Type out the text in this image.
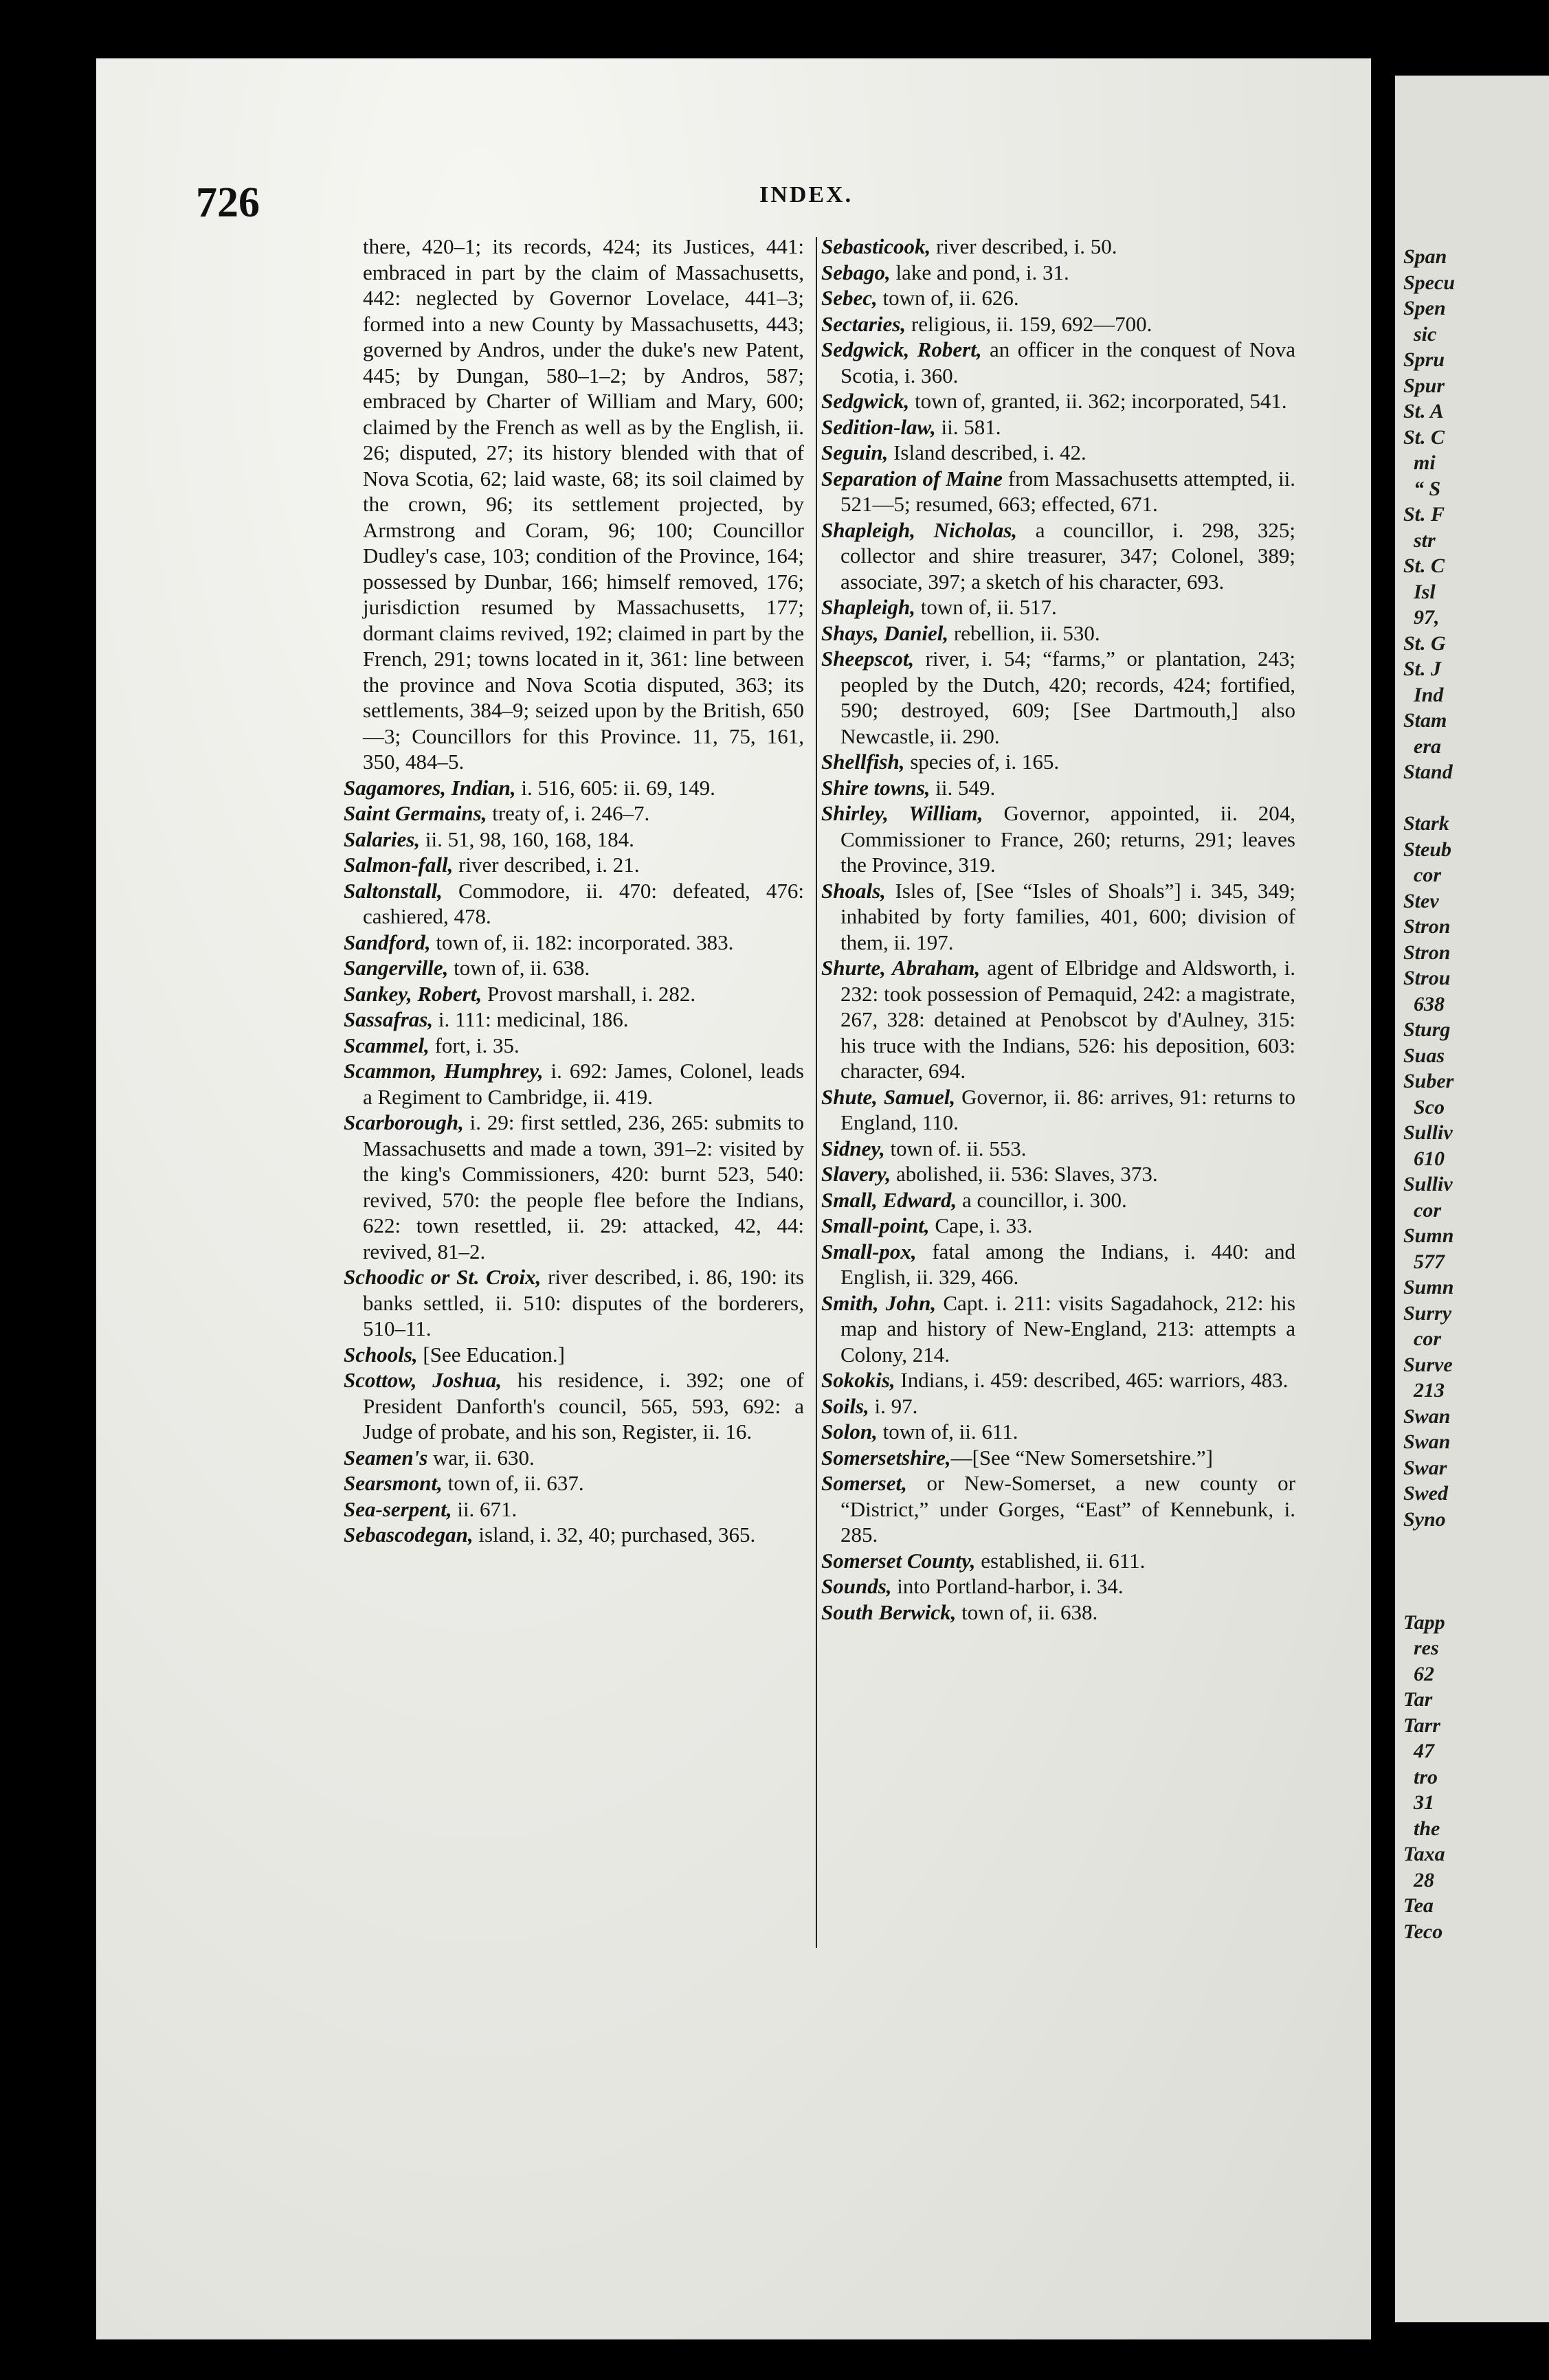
Span
Specu
Spen
sic
Spru
Spur
St. A
St. C
mi
“ S
St. F
str
St. C
Isl
97,
St. G
St. J
Ind
Stam
era
Stand

Stark
Steub
cor
Stev
Stron
Stron
Strou
638
Sturg
Suas
Suber
Sco
Sulliv
610
Sulliv
cor
Sumn
577
Sumn
Surry
cor
Surve
213
Swan
Swan
Swar
Swed
Syno

Tapp
res
62
Tar
Tarr
47
tro
31
the
Taxa
28
Tea
Teco
726	INDEX.

there, 420–1; its records, 424; its Justices, 441: embraced in part by the claim of Massachusetts, 442: neglected by Governor Lovelace, 441–3; formed into a new County by Massachusetts, 443; governed by Andros, under the duke's new Patent, 445; by Dungan, 580–1–2; by Andros, 587; embraced by Charter of William and Mary, 600; claimed by the French as well as by the English, ii. 26; disputed, 27; its history blended with that of Nova Scotia, 62; laid waste, 68; its soil claimed by the crown, 96; its settlement projected, by Armstrong and Coram, 96; 100; Councillor Dudley's case, 103; condition of the Province, 164; possessed by Dunbar, 166; himself removed, 176; jurisdiction resumed by Massachusetts, 177; dormant claims revived, 192; claimed in part by the French, 291; towns located in it, 361: line between the province and Nova Scotia disputed, 363; its settlements, 384–9; seized upon by the British, 650—3; Councillors for this Province. 11, 75, 161, 350, 484–5.

Sagamores, Indian, i. 516, 605: ii. 69, 149.

Saint Germains, treaty of, i. 246–7.

Salaries, ii. 51, 98, 160, 168, 184.

Salmon-fall, river described, i. 21.

Saltonstall, Commodore, ii. 470: defeated, 476: cashiered, 478.

Sandford, town of, ii. 182: incorporated. 383.

Sangerville, town of, ii. 638.

Sankey, Robert, Provost marshall, i. 282.

Sassafras, i. 111: medicinal, 186.

Scammel, fort, i. 35.

Scammon, Humphrey, i. 692: James, Colonel, leads a Regiment to Cambridge, ii. 419.

Scarborough, i. 29: first settled, 236, 265: submits to Massachusetts and made a town, 391–2: visited by the king's Commissioners, 420: burnt 523, 540: revived, 570: the people flee before the Indians, 622: town resettled, ii. 29: attacked, 42, 44: revived, 81–2.

Schoodic or St. Croix, river described, i. 86, 190: its banks settled, ii. 510: disputes of the borderers, 510–11.

Schools, [See Education.]

Scottow, Joshua, his residence, i. 392; one of President Danforth's council, 565, 593, 692: a Judge of probate, and his son, Register, ii. 16.

Seamen's war, ii. 630.

Searsmont, town of, ii. 637.

Sea-serpent, ii. 671.

Sebascodegan, island, i. 32, 40; purchased, 365.

Sebasticook, river described, i. 50.

Sebago, lake and pond, i. 31.

Sebec, town of, ii. 626.

Sectaries, religious, ii. 159, 692—700.

Sedgwick, Robert, an officer in the conquest of Nova Scotia, i. 360.

Sedgwick, town of, granted, ii. 362; incorporated, 541.

Sedition-law, ii. 581.

Seguin, Island described, i. 42.

Separation of Maine from Massachusetts attempted, ii. 521—5; resumed, 663; effected, 671.

Shapleigh, Nicholas, a councillor, i. 298, 325; collector and shire treasurer, 347; Colonel, 389; associate, 397; a sketch of his character, 693.

Shapleigh, town of, ii. 517.

Shays, Daniel, rebellion, ii. 530.

Sheepscot, river, i. 54; “farms,” or plantation, 243; peopled by the Dutch, 420; records, 424; fortified, 590; destroyed, 609; [See Dartmouth,] also Newcastle, ii. 290.

Shellfish, species of, i. 165.

Shire towns, ii. 549.

Shirley, William, Governor, appointed, ii. 204, Commissioner to France, 260; returns, 291; leaves the Province, 319.

Shoals, Isles of, [See “Isles of Shoals”] i. 345, 349; inhabited by forty families, 401, 600; division of them, ii. 197.

Shurte, Abraham, agent of Elbridge and Aldsworth, i. 232: took possession of Pemaquid, 242: a magistrate, 267, 328: detained at Penobscot by d'Aulney, 315: his truce with the Indians, 526: his deposition, 603: character, 694.

Shute, Samuel, Governor, ii. 86: arrives, 91: returns to England, 110.

Sidney, town of. ii. 553.

Slavery, abolished, ii. 536: Slaves, 373.

Small, Edward, a councillor, i. 300.

Small-point, Cape, i. 33.

Small-pox, fatal among the Indians, i. 440: and English, ii. 329, 466.

Smith, John, Capt. i. 211: visits Sagadahock, 212: his map and history of New-England, 213: attempts a Colony, 214.

Sokokis, Indians, i. 459: described, 465: warriors, 483.

Soils, i. 97.

Solon, town of, ii. 611.

Somersetshire,—[See “New Somersetshire.”]

Somerset, or New-Somerset, a new county or “District,” under Gorges, “East” of Kennebunk, i. 285.

Somerset County, established, ii. 611.

Sounds, into Portland-harbor, i. 34.

South Berwick, town of, ii. 638.
